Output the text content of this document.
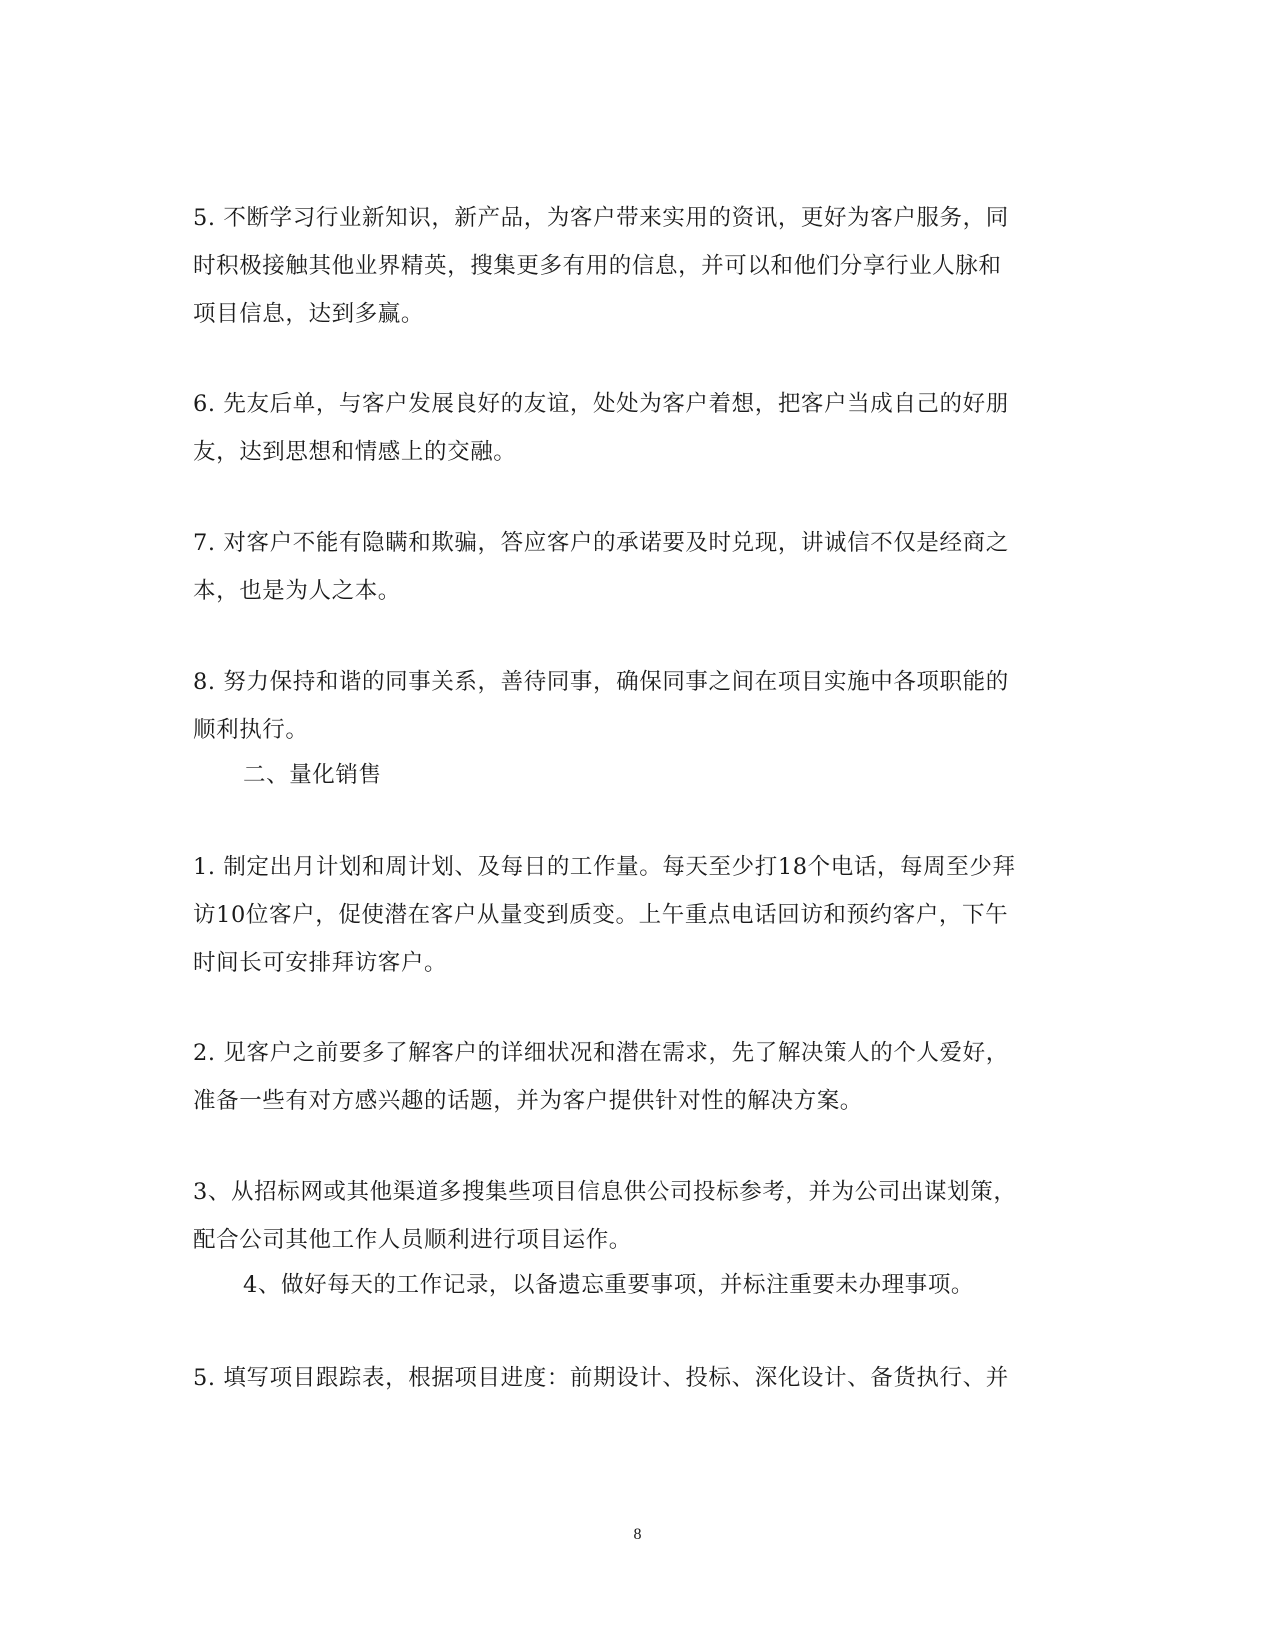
5. 不断学习行业新知识，新产品，为客户带来实用的资讯，更好为客户服务，同
时积极接触其他业界精英，搜集更多有用的信息，并可以和他们分享行业人脉和
项目信息，达到多赢。

6. 先友后单，与客户发展良好的友谊，处处为客户着想，把客户当成自己的好朋
友，达到思想和情感上的交融。

7. 对客户不能有隐瞒和欺骗，答应客户的承诺要及时兑现，讲诚信不仅是经商之
本，也是为人之本。

8. 努力保持和谐的同事关系，善待同事，确保同事之间在项目实施中各项职能的
顺利执行。

二、量化销售

1. 制定出月计划和周计划、及每日的工作量。每天至少打18个电话，每周至少拜
访10位客户，促使潜在客户从量变到质变。上午重点电话回访和预约客户，下午
时间长可安排拜访客户。

2. 见客户之前要多了解客户的详细状况和潜在需求，先了解决策人的个人爱好，
准备一些有对方感兴趣的话题，并为客户提供针对性的解决方案。

3、从招标网或其他渠道多搜集些项目信息供公司投标参考，并为公司出谋划策，
配合公司其他工作人员顺利进行项目运作。

4、做好每天的工作记录，以备遗忘重要事项，并标注重要未办理事项。

5. 填写项目跟踪表，根据项目进度：前期设计、投标、深化设计、备货执行、并

8
